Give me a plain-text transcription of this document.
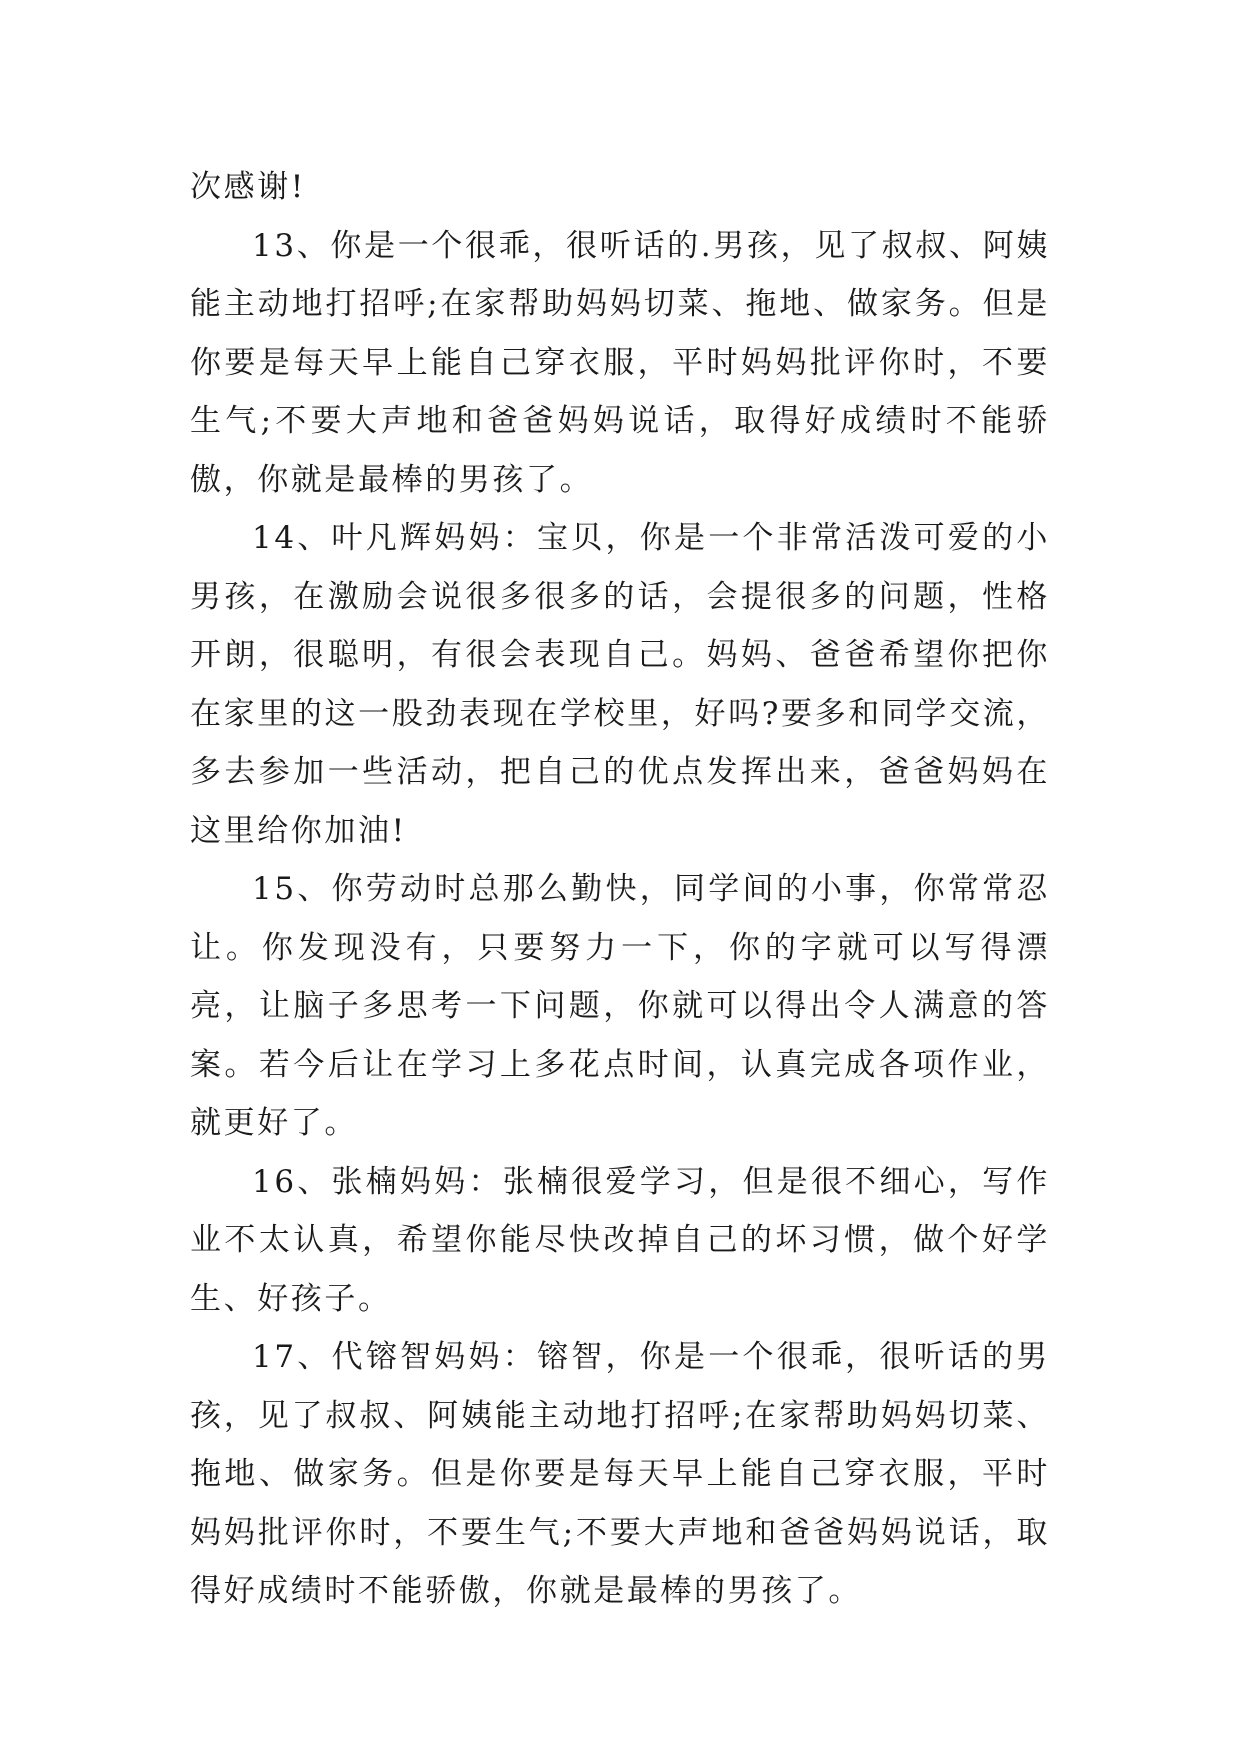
次感谢!

13、你是一个很乖，很听话的.男孩，见了叔叔、阿姨能主动地打招呼;在家帮助妈妈切菜、拖地、做家务。但是你要是每天早上能自己穿衣服，平时妈妈批评你时，不要生气;不要大声地和爸爸妈妈说话，取得好成绩时不能骄傲，你就是最棒的男孩了。

14、叶凡辉妈妈：宝贝，你是一个非常活泼可爱的小男孩，在激励会说很多很多的话，会提很多的问题，性格开朗，很聪明，有很会表现自己。妈妈、爸爸希望你把你在家里的这一股劲表现在学校里，好吗?要多和同学交流，多去参加一些活动，把自己的优点发挥出来，爸爸妈妈在这里给你加油!

15、你劳动时总那么勤快，同学间的小事，你常常忍让。你发现没有，只要努力一下，你的字就可以写得漂亮，让脑子多思考一下问题，你就可以得出令人满意的答案。若今后让在学习上多花点时间，认真完成各项作业，就更好了。

16、张楠妈妈：张楠很爱学习，但是很不细心，写作业不太认真，希望你能尽快改掉自己的坏习惯，做个好学生、好孩子。

17、代镕智妈妈：镕智，你是一个很乖，很听话的男孩，见了叔叔、阿姨能主动地打招呼;在家帮助妈妈切菜、拖地、做家务。但是你要是每天早上能自己穿衣服，平时妈妈批评你时，不要生气;不要大声地和爸爸妈妈说话，取得好成绩时不能骄傲，你就是最棒的男孩了。
